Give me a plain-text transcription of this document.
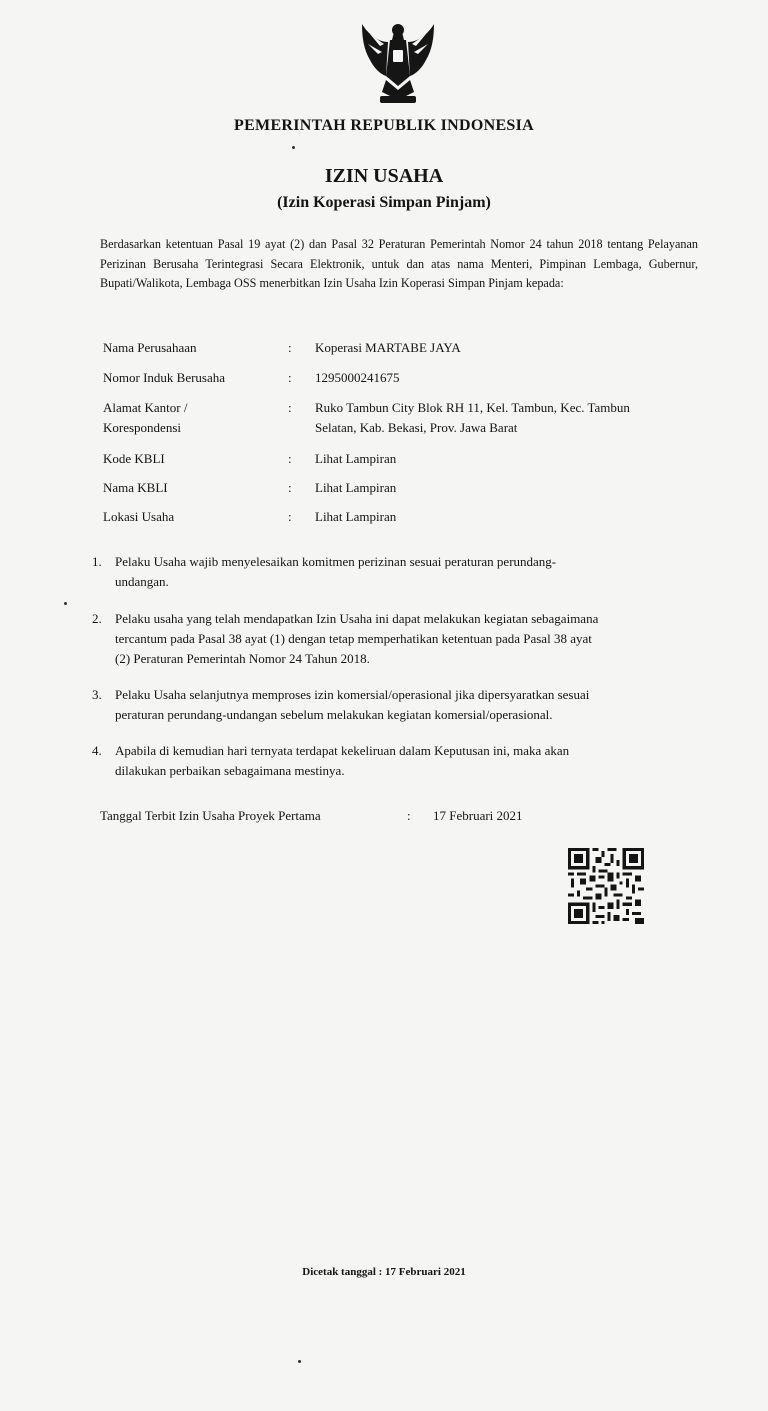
PEMERINTAH REPUBLIK INDONESIA
IZIN USAHA
(Izin Koperasi Simpan Pinjam)
Berdasarkan ketentuan Pasal 19 ayat (2) dan Pasal 32 Peraturan Pemerintah Nomor 24 tahun 2018 tentang Pelayanan Perizinan Berusaha Terintegrasi Secara Elektronik, untuk dan atas nama Menteri, Pimpinan Lembaga, Gubernur, Bupati/Walikota, Lembaga OSS menerbitkan Izin Usaha Izin Koperasi Simpan Pinjam kepada:
Nama Perusahaan	: Koperasi MARTABE JAYA
Nomor Induk Berusaha	: 1295000241675
Alamat Kantor /
Korespondensi
: Ruko Tambun City Blok RH 11, Kel. Tambun, Kec. Tambun
Selatan, Kab. Bekasi, Prov. Jawa Barat
Kode KBLI	: Lihat Lampiran
Nama KBLI	: Lihat Lampiran
Lokasi Usaha	: Lihat Lampiran
1.	Pelaku Usaha wajib menyelesaikan komitmen perizinan sesuai peraturan perundang-
undangan.
2.	Pelaku usaha yang telah mendapatkan Izin Usaha ini dapat melakukan kegiatan sebagaimana
tercantum pada Pasal 38 ayat (1) dengan tetap memperhatikan ketentuan pada Pasal 38 ayat
(2) Peraturan Pemerintah Nomor 24 Tahun 2018.
3.	Pelaku Usaha selanjutnya memproses izin komersial/operasional jika dipersyaratkan sesuai
peraturan perundang-undangan sebelum melakukan kegiatan komersial/operasional.
4.	Apabila di kemudian hari ternyata terdapat kekeliruan dalam Keputusan ini, maka akan
dilakukan perbaikan sebagaimana mestinya.
Tanggal Terbit Izin Usaha Proyek Pertama	: 17 Februari 2021
Dicetak tanggal : 17 Februari 2021
